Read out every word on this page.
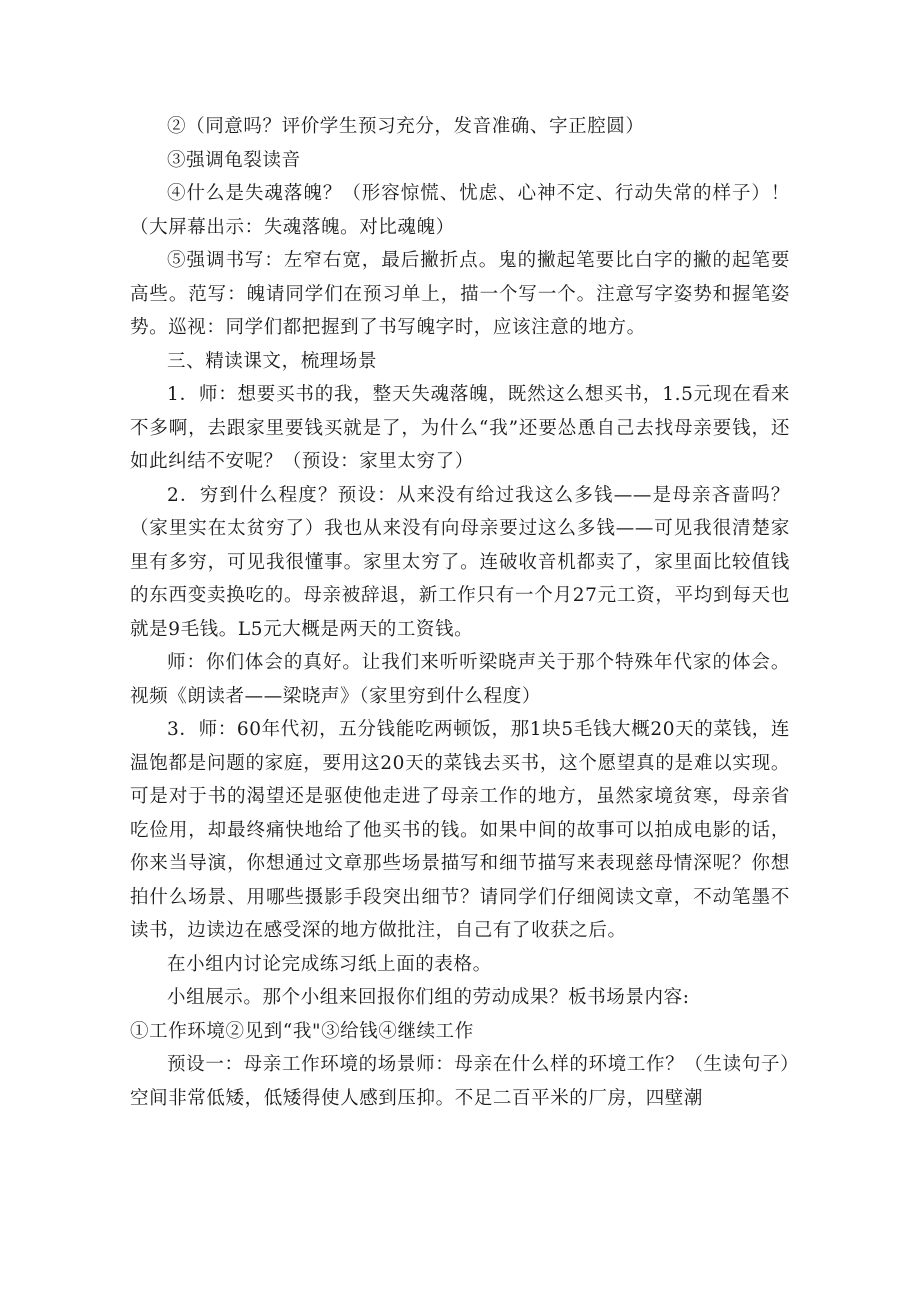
②（同意吗？评价学生预习充分，发音准确、字正腔圆）

③强调龟裂读音

④什么是失魂落魄？（形容惊慌、忧虑、心神不定、行动失常的样子）！（大屏幕出示：失魂落魄。对比魂魄）

⑤强调书写：左窄右宽，最后撇折点。鬼的撇起笔要比白字的撇的起笔要高些。范写：魄请同学们在预习单上，描一个写一个。注意写字姿势和握笔姿势。巡视：同学们都把握到了书写魄字时，应该注意的地方。

三、精读课文，梳理场景

1．师：想要买书的我，整天失魂落魄，既然这么想买书，1.5元现在看来不多啊，去跟家里要钱买就是了，为什么“我”还要怂恿自己去找母亲要钱，还如此纠结不安呢？（预设：家里太穷了）

2．穷到什么程度？预设：从来没有给过我这么多钱——是母亲吝啬吗？（家里实在太贫穷了）我也从来没有向母亲要过这么多钱——可见我很清楚家里有多穷，可见我很懂事。家里太穷了。连破收音机都卖了，家里面比较值钱的东西变卖换吃的。母亲被辞退，新工作只有一个月27元工资，平均到每天也就是9毛钱。L5元大概是两天的工资钱。

师：你们体会的真好。让我们来听听梁晓声关于那个特殊年代家的体会。视频《朗读者——梁晓声》（家里穷到什么程度）

3．师：60年代初，五分钱能吃两顿饭，那1块5毛钱大概20天的菜钱，连温饱都是问题的家庭，要用这20天的菜钱去买书，这个愿望真的是难以实现。可是对于书的渴望还是驱使他走进了母亲工作的地方，虽然家境贫寒，母亲省吃俭用，却最终痛快地给了他买书的钱。如果中间的故事可以拍成电影的话，你来当导演，你想通过文章那些场景描写和细节描写来表现慈母情深呢？你想拍什么场景、用哪些摄影手段突出细节？请同学们仔细阅读文章，不动笔墨不读书，边读边在感受深的地方做批注，自己有了收获之后。

在小组内讨论完成练习纸上面的表格。

小组展示。那个小组来回报你们组的劳动成果？板书场景内容:

①工作环境②见到“我"③给钱④继续工作

预设一：母亲工作环境的场景师：母亲在什么样的环境工作？（生读句子）空间非常低矮，低矮得使人感到压抑。不足二百平米的厂房，四壁潮
